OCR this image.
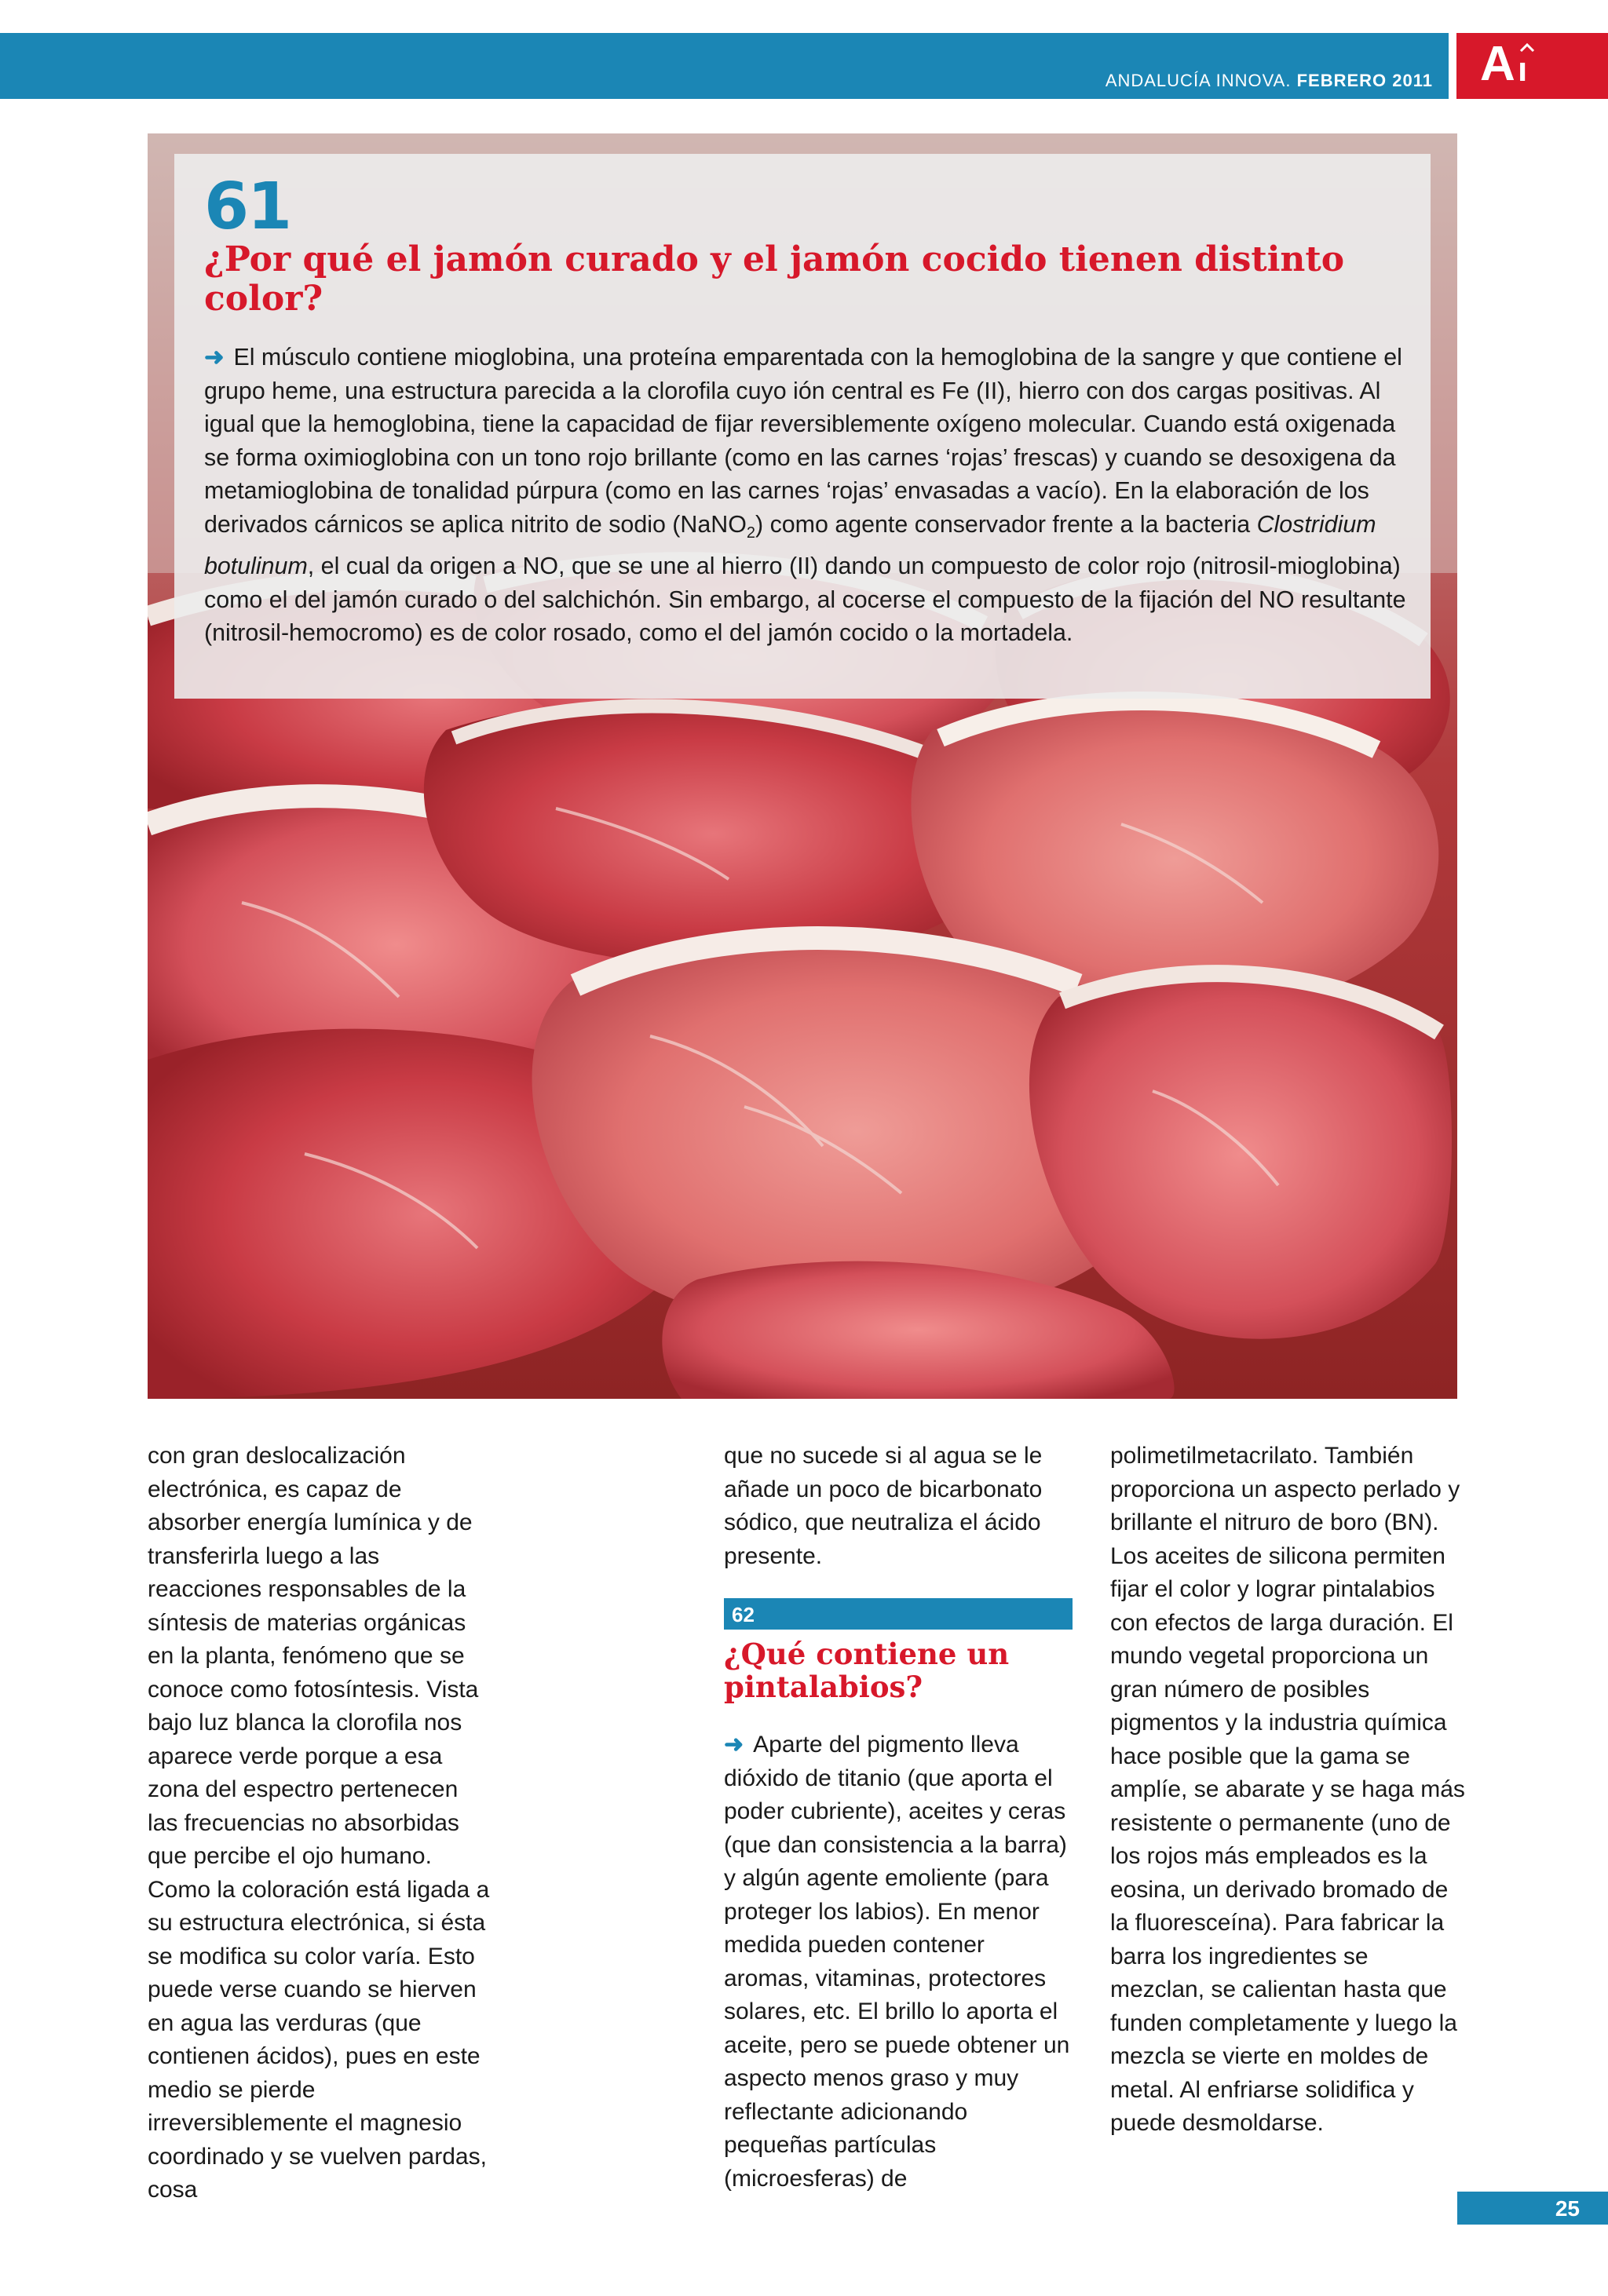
ANDALUCÍA INNOVA. FEBRERO 2011 A ı
61
¿Por qué el jamón curado y el jamón cocido tienen distinto color?
➜ El músculo contiene mioglobina, una proteína emparentada con la hemoglobina de la sangre y que contiene el grupo heme, una estructura parecida a la clorofila cuyo ión central es Fe (II), hierro con dos cargas positivas. Al igual que la hemoglobina, tiene la capacidad de fijar reversiblemente oxígeno molecular. Cuando está oxigenada se forma oximioglobina con un tono rojo brillante (como en las carnes ‘rojas’ frescas) y cuando se desoxigena da metamioglobina de tonalidad púrpura (como en las carnes ‘rojas’ envasadas a vacío). En la elaboración de los derivados cárnicos se aplica nitrito de sodio (NaNO$_2$) como agente conservador frente a la bacteria Clostridium botulinum, el cual da origen a NO, que se une al hierro (II) dando un compuesto de color rojo (nitrosil-mioglobina) como el del jamón curado o del salchichón. Sin embargo, al cocerse el compuesto de la fijación del NO resultante (nitrosil-hemocromo) es de color rosado, como el del jamón cocido o la mortadela.

con gran deslocalización electrónica, es capaz de absorber energía lumínica y de transferirla luego a las reacciones responsables de la síntesis de materias orgánicas en la planta, fenómeno que se conoce como fotosíntesis. Vista bajo luz blanca la clorofila nos aparece verde porque a esa zona del espectro pertenecen las frecuencias no absorbidas que percibe el ojo humano. Como la coloración está ligada a su estructura electrónica, si ésta se modifica su color varía. Esto puede verse cuando se hierven en agua las verduras (que contienen ácidos), pues en este medio se pierde irreversiblemente el magnesio coordinado y se vuelven pardas, cosa

que no sucede si al agua se le añade un poco de bicarbonato sódico, que neutraliza el ácido presente.

62
¿Qué contiene un pintalabios?

➜ Aparte del pigmento lleva dióxido de titanio (que aporta el poder cubriente), aceites y ceras (que dan consistencia a la barra) y algún agente emoliente (para proteger los labios). En menor medida pueden contener aromas, vitaminas, protectores solares, etc. El brillo lo aporta el aceite, pero se puede obtener un aspecto menos graso y muy reflectante adicionando pequeñas partículas (microesferas) de

polimetilmetacrilato. También proporciona un aspecto perlado y brillante el nitruro de boro (BN). Los aceites de silicona permiten fijar el color y lograr pintalabios con efectos de larga duración. El mundo vegetal proporciona un gran número de posibles pigmentos y la industria química hace posible que la gama se amplíe, se abarate y se haga más resistente o permanente (uno de los rojos más empleados es la eosina, un derivado bromado de la fluoresceína). Para fabricar la barra los ingredientes se mezclan, se calientan hasta que funden completamente y luego la mezcla se vierte en moldes de metal. Al enfriarse solidifica y puede desmoldarse.

25
